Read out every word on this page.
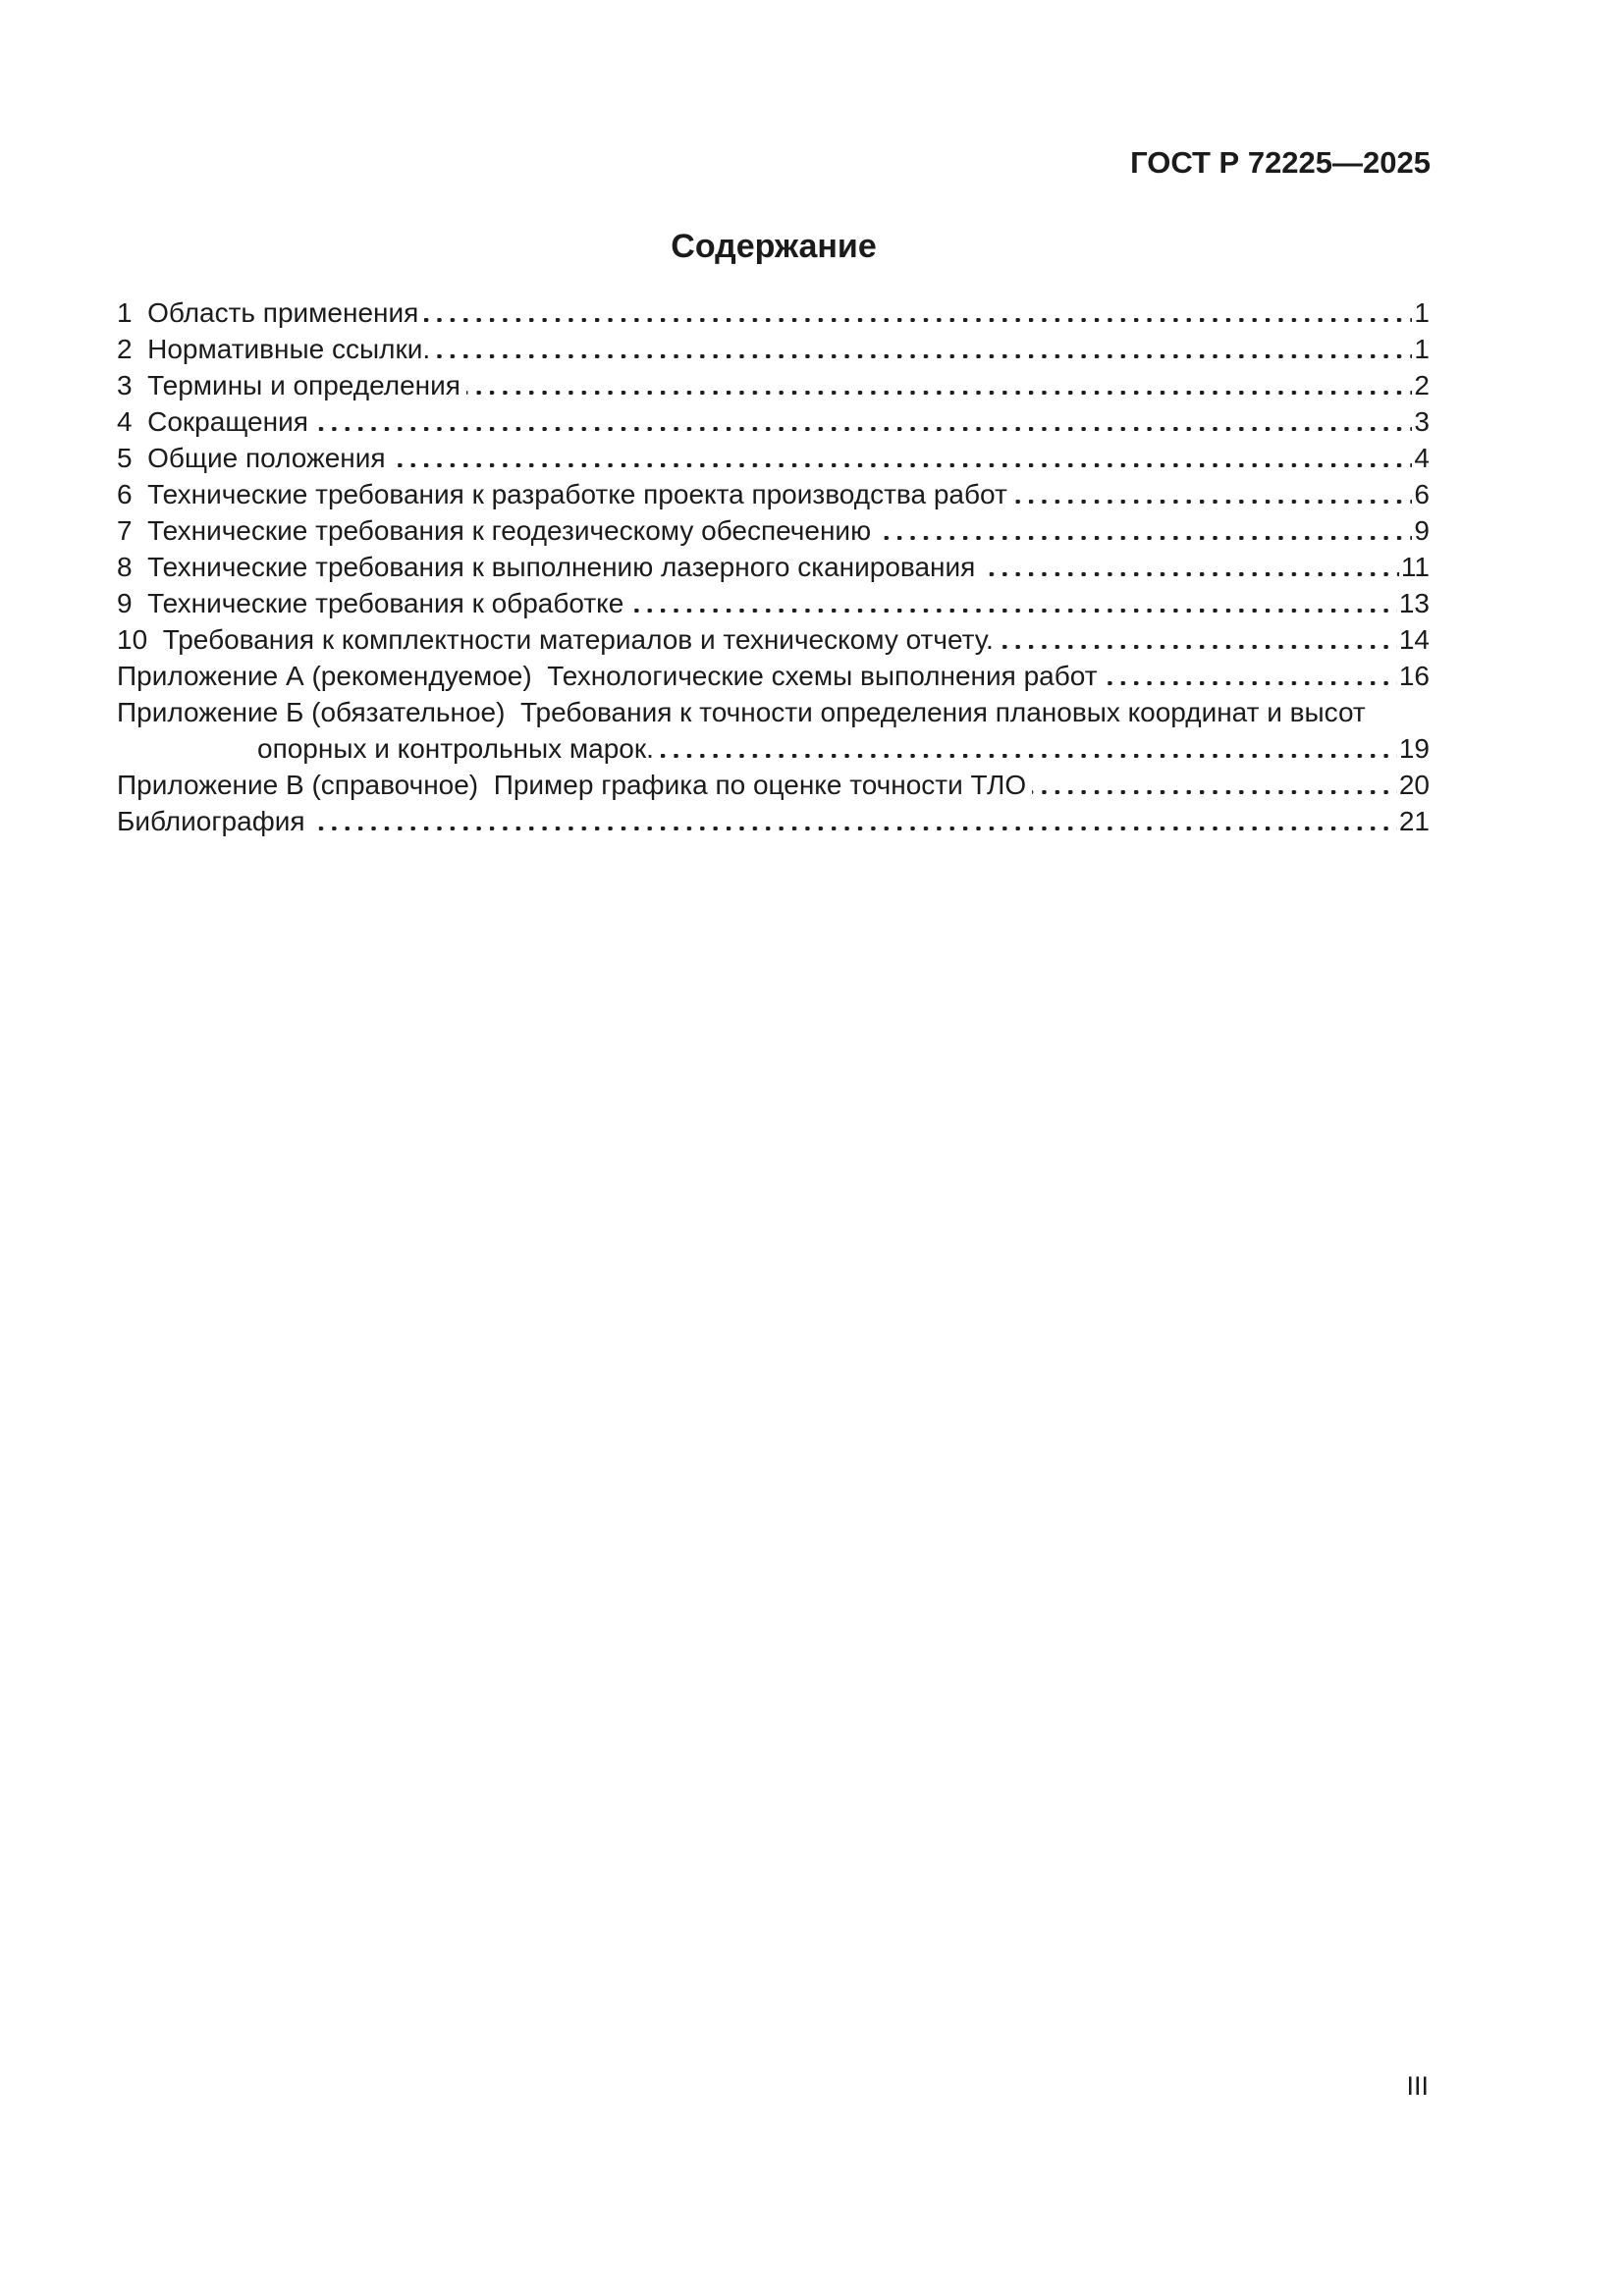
ГОСТ Р 72225—2025
Содержание
1  Область применения	1
2  Нормативные ссылки.	1
3  Термины и определения	2
4  Сокращения	3
5  Общие положения	4
6  Технические требования к разработке проекта производства работ	6
7  Технические требования к геодезическому обеспечению	9
8  Технические требования к выполнению лазерного сканирования	11
9  Технические требования к обработке	13
10  Требования к комплектности материалов и техническому отчету.	14
Приложение А (рекомендуемое)  Технологические схемы выполнения работ	16
Приложение Б (обязательное)  Требования к точности определения плановых координат и высот
опорных и контрольных марок.	19
Приложение В (справочное)  Пример графика по оценке точности ТЛО	20
Библиография	21
III
